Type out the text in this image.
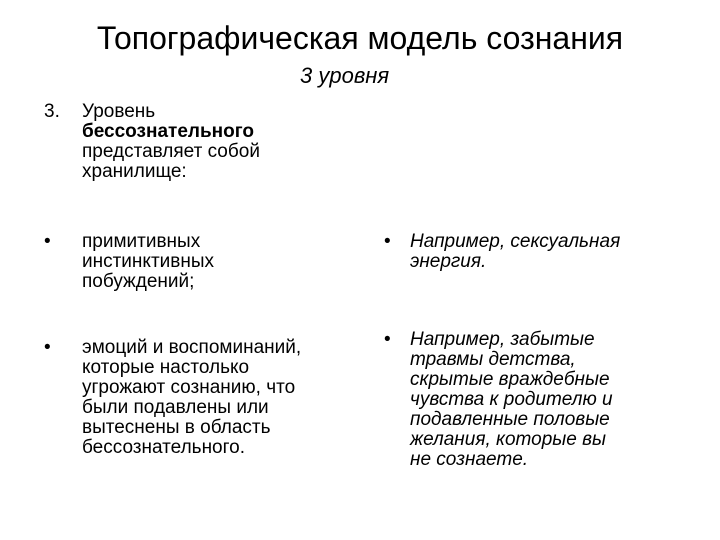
Топографическая модель сознания
3 уровня
3. Уровень
бессознательного
представляет собой
хранилище:
• примитивных
инстинктивных
побуждений;
• эмоций и воспоминаний,
которые настолько
угрожают сознанию, что
были подавлены или
вытеснены в область
бессознательного.
• Например, сексуальная
энергия.
• Например, забытые
травмы детства,
скрытые враждебные
чувства к родителю и
подавленные половые
желания, которые вы
не сознаете.
